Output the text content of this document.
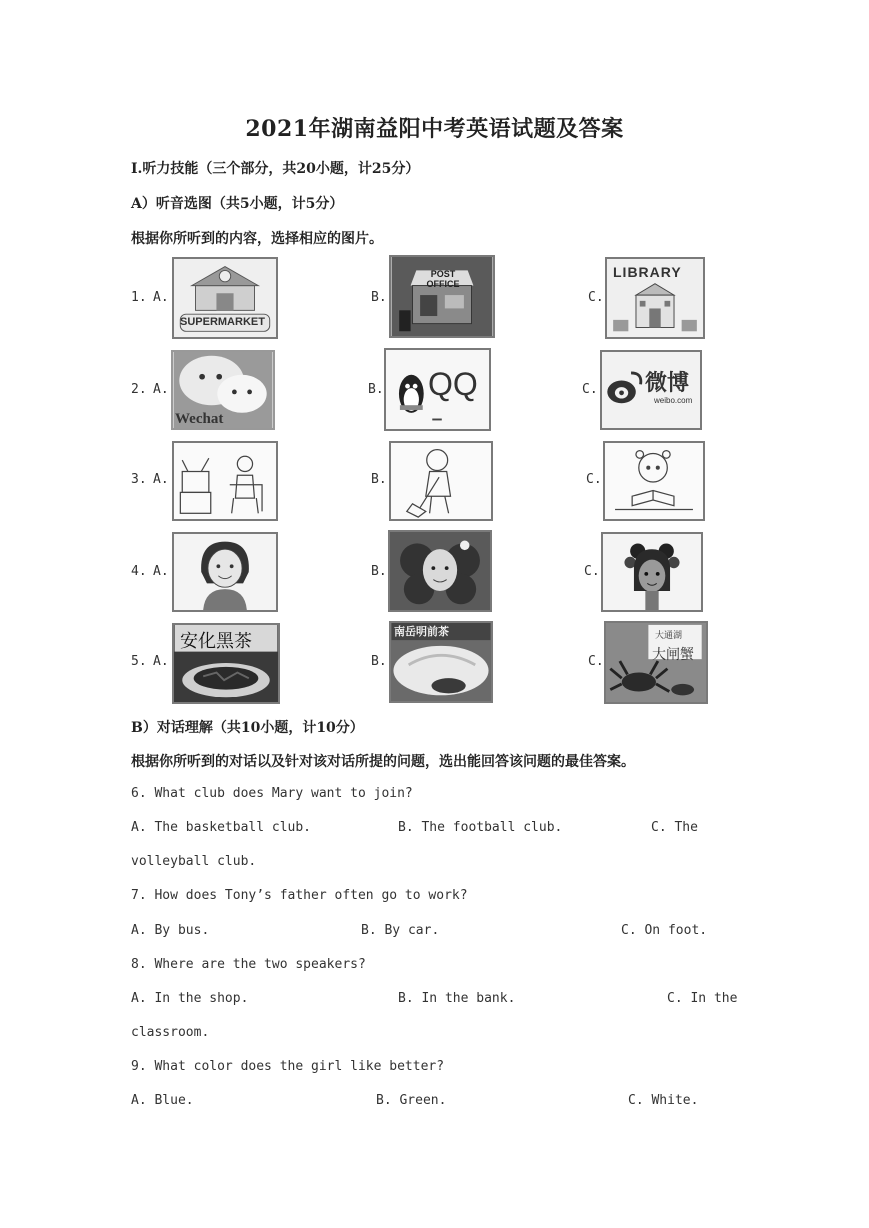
2021年湖南益阳中考英语试题及答案
I.听力技能（三个部分，共20小题，计25分）
A）听音选图（共5小题，计5分）
根据你所听到的内容，选择相应的图片。
1. A.
SUPERMARKET
B.
POST OFFICE
C.
LIBRARY
2. A.
Wechat
B. QQ	C. 微博
weibo.com
3. A.	B.	C.
4. A.	B.	C.
5. A.
安化黑茶
B.
南岳明前茶
C.
大通湖
大闸蟹
B）对话理解（共10小题，计10分）
根据你所听到的对话以及针对该对话所提的问题，选出能回答该问题的最佳答案。
6. What club does Mary want to join?
A. The basketball club.	B. The football club.	C. The
volleyball club.
7. How does Tony’s father often go to work?
A. By bus.	B. By car.	C. On foot.
8. Where are the two speakers?
A. In the shop.	B. In the bank.	C. In the
classroom.
9. What color does the girl like better?
A. Blue.	B. Green.	C. White.
